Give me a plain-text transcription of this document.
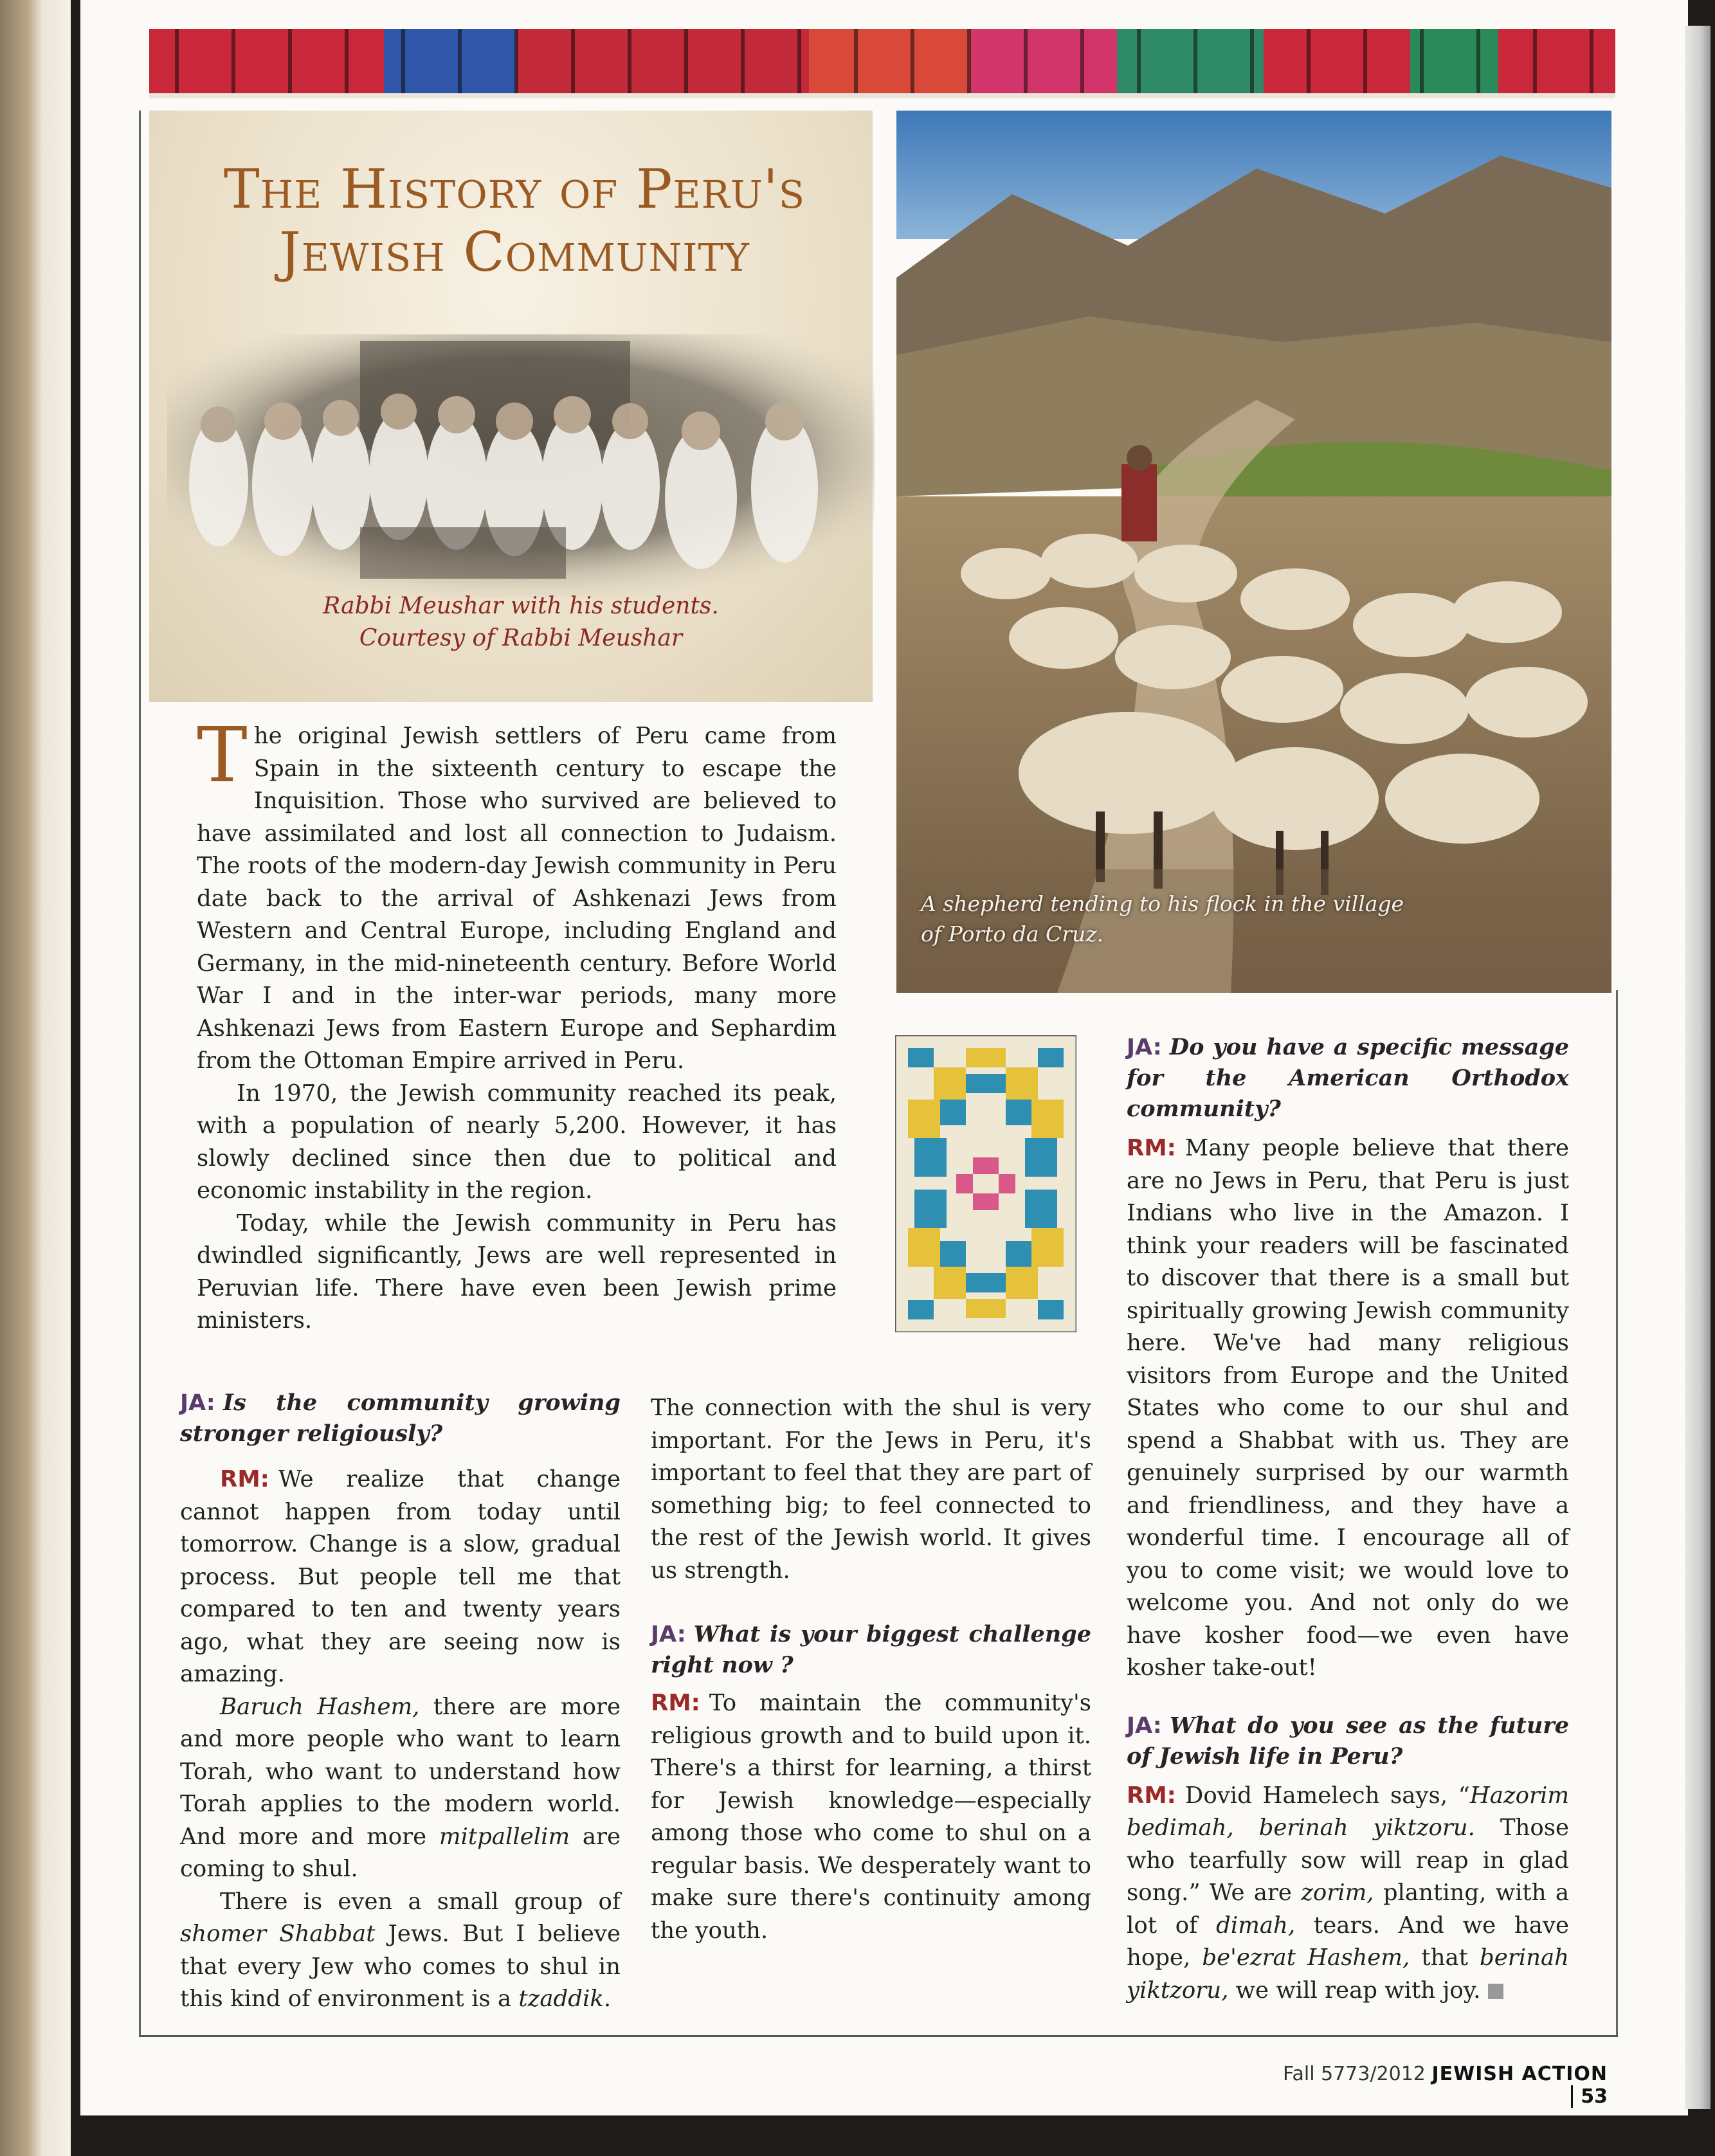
The History of Peru's Jewish Community
Rabbi Meushar with his students.
Courtesy of Rabbi Meushar

The original Jewish settlers of Peru came from Spain in the sixteenth century to escape the Inquisition. Those who survived are believed to have assimilated and lost all connection to Judaism. The roots of the modern-day Jewish community in Peru date back to the arrival of Ashkenazi Jews from Western and Central Europe, including England and Germany, in the mid-nineteenth century. Before World War I and in the inter-war periods, many more Ashkenazi Jews from Eastern Europe and Sephardim from the Ottoman Empire arrived in Peru.

In 1970, the Jewish community reached its peak, with a population of nearly 5,200. However, it has slowly declined since then due to political and economic instability in the region.

Today, while the Jewish community in Peru has dwindled significantly, Jews are well represented in Peruvian life. There have even been Jewish prime ministers.

A shepherd tending to his flock in the village
of Porto da Cruz.

JA: Do you have a specific message for the American Orthodox community?

RM: Many people believe that there are no Jews in Peru, that Peru is just Indians who live in the Amazon. I think your readers will be fascinated to discover that there is a small but spiritually growing Jewish community here. We've had many religious visitors from Europe and the United States who come to our shul and spend a Shabbat with us. They are genuinely surprised by our warmth and friendliness, and they have a wonderful time. I encourage all of you to come visit; we would love to welcome you. And not only do we have kosher food—we even have kosher take-out!

JA: What do you see as the future of Jewish life in Peru?

RM: Dovid Hamelech says, “Hazorim bedimah, berinah yiktzoru. Those who tearfully sow will reap in glad song.” We are zorim, planting, with a lot of dimah, tears. And we have hope, be'ezrat Hashem, that berinah yiktzoru, we will reap with joy.

JA: Is the community growing stronger religiously?

RM: We realize that change cannot happen from today until tomorrow. Change is a slow, gradual process. But people tell me that compared to ten and twenty years ago, what they are seeing now is amazing.

Baruch Hashem, there are more and more people who want to learn Torah, who want to understand how Torah applies to the modern world. And more and more mitpallelim are coming to shul.

There is even a small group of shomer Shabbat Jews. But I believe that every Jew who comes to shul in this kind of environment is a tzaddik.

The connection with the shul is very important. For the Jews in Peru, it's important to feel that they are part of something big; to feel connected to the rest of the Jewish world. It gives us strength.

JA: What is your biggest challenge right now ?

RM: To maintain the community's religious growth and to build upon it. There's a thirst for learning, a thirst for Jewish knowledge—especially among those who come to shul on a regular basis. We desperately want to make sure there's continuity among the youth.

Fall 5773/2012 JEWISH ACTION 53
